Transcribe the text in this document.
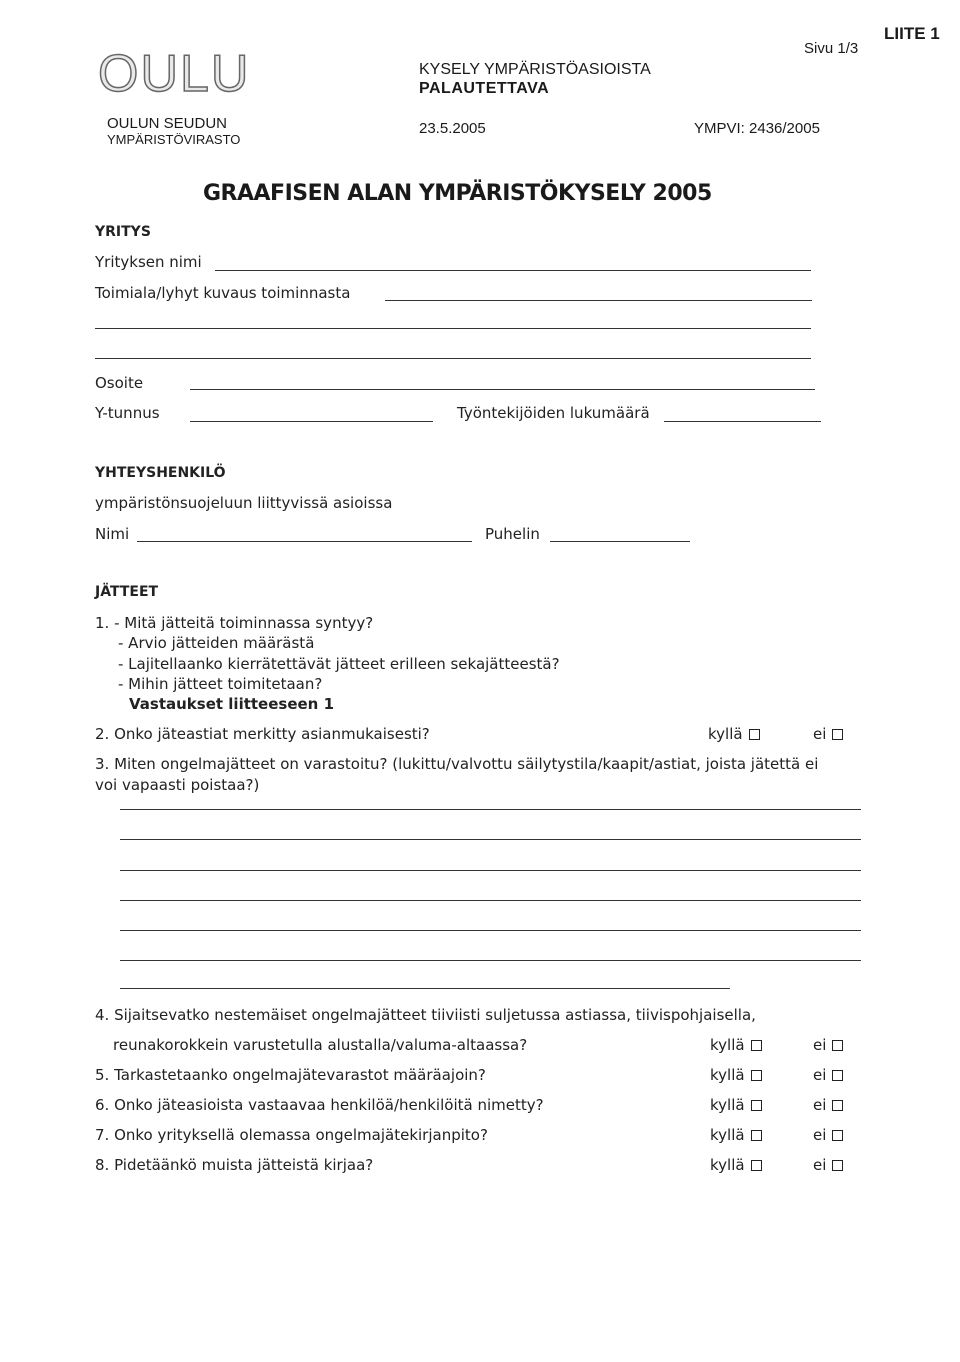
OULU
OULUN SEUDUN
YMPÄRISTÖVIRASTO
KYSELY YMPÄRISTÖASIOISTA
PALAUTETTAVA
Sivu 1/3
LIITE 1
23.5.2005	YMPVI: 2436/2005
GRAAFISEN ALAN YMPÄRISTÖKYSELY 2005
YRITYS
Yrityksen nimi
Toimiala/lyhyt kuvaus toiminnasta
Osoite
Y-tunnus	Työntekijöiden lukumäärä
YHTEYSHENKILÖ
ympäristönsuojeluun liittyvissä asioissa
Nimi	Puhelin
JÄTTEET
1. - Mitä jätteitä toiminnassa syntyy?
- Arvio jätteiden määrästä
- Lajitellaanko kierrätettävät jätteet erilleen sekajätteestä?
- Mihin jätteet toimitetaan?
Vastaukset liitteeseen 1
2. Onko jäteastiat merkitty asianmukaisesti?	kyllä	ei
3. Miten ongelmajätteet on varastoitu? (lukittu/valvottu säilytystila/kaapit/astiat, joista jätettä ei
voi vapaasti poistaa?)
4. Sijaitsevatko nestemäiset ongelmajätteet tiiviisti suljetussa astiassa, tiivispohjaisella,
reunakorokkein varustetulla alustalla/valuma-altaassa?	kyllä	ei
5. Tarkastetaanko ongelmajätevarastot määräajoin?	kyllä	ei
6. Onko jäteasioista vastaavaa henkilöä/henkilöitä nimetty?	kyllä	ei
7. Onko yrityksellä olemassa ongelmajätekirjanpito?	kyllä	ei
8. Pidetäänkö muista jätteistä kirjaa?	kyllä	ei
